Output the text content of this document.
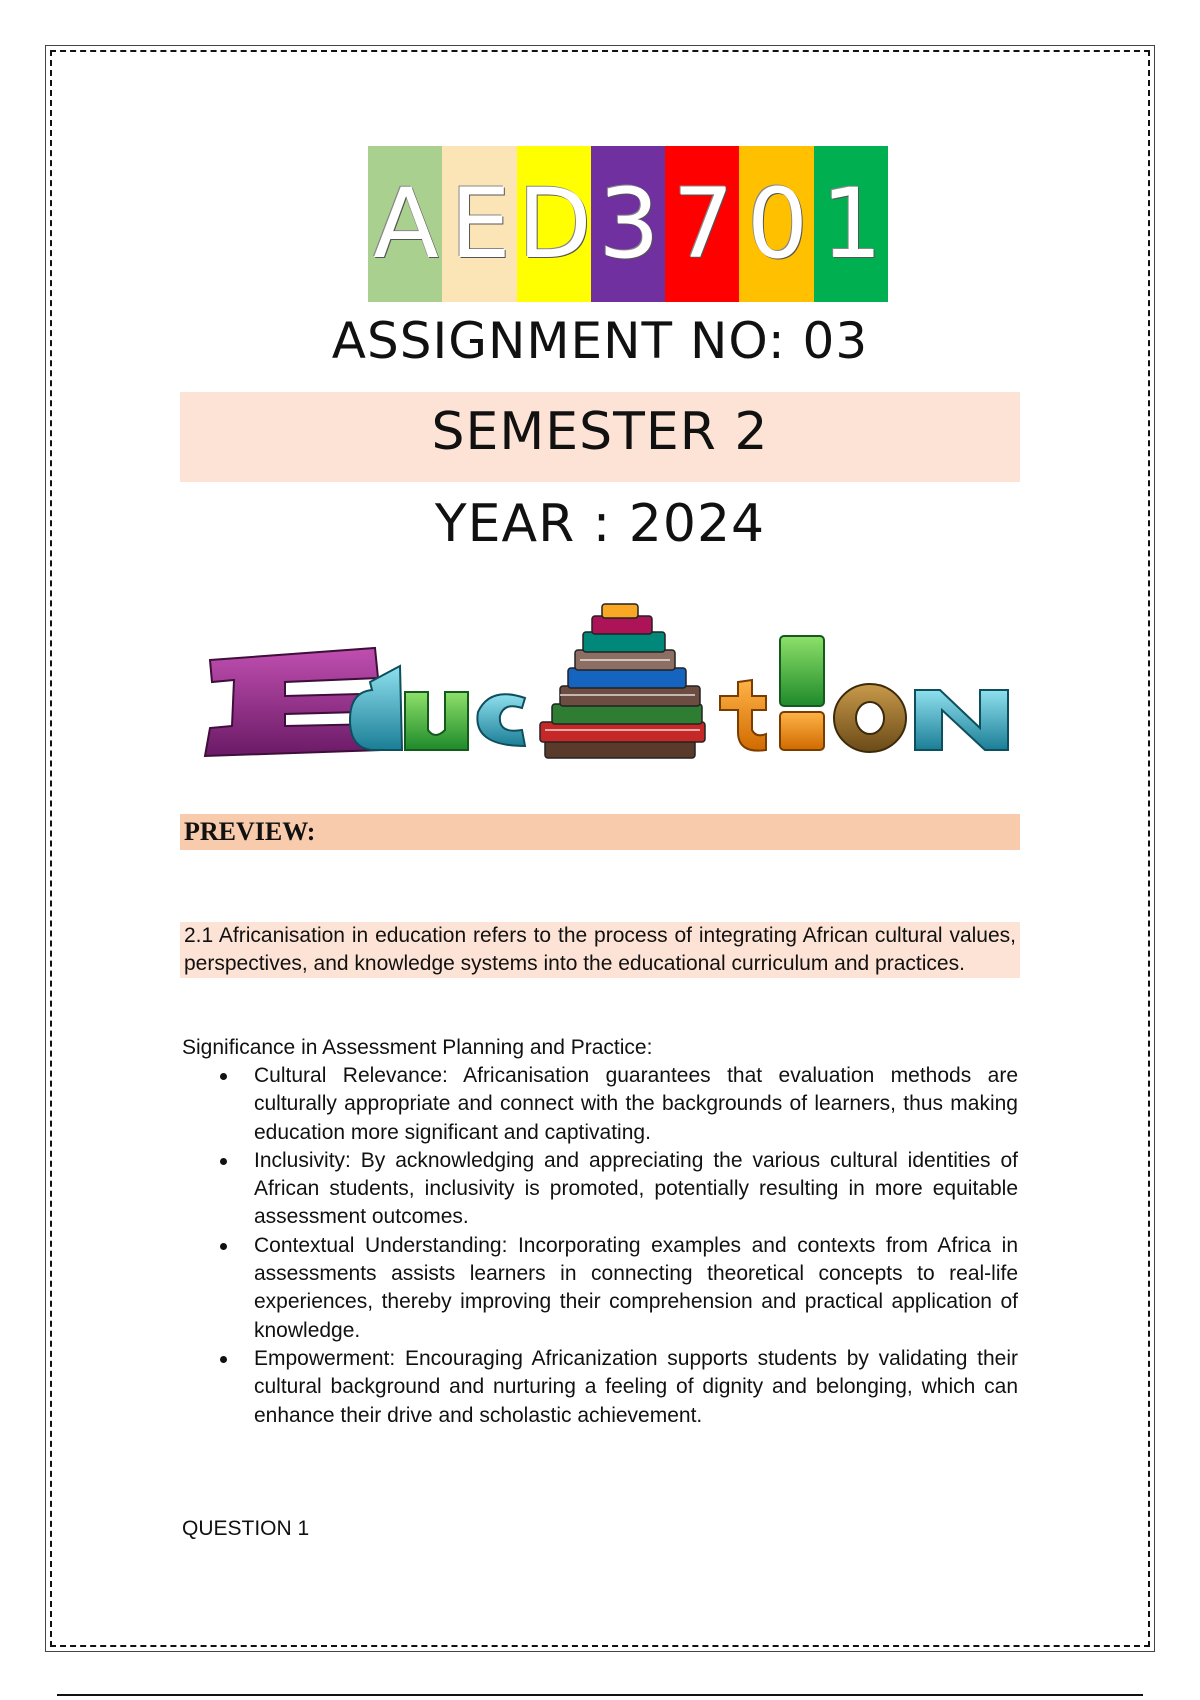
A E D 3 7 0 1
ASSIGNMENT NO: 03
SEMESTER 2
YEAR : 2024
PREVIEW:
2.1 Africanisation in education refers to the process of integrating African cultural values, perspectives, and knowledge systems into the educational curriculum and practices.
Significance in Assessment Planning and Practice:
Cultural Relevance: Africanisation guarantees that evaluation methods are culturally appropriate and connect with the backgrounds of learners, thus making education more significant and captivating.
Inclusivity: By acknowledging and appreciating the various cultural identities of African students, inclusivity is promoted, potentially resulting in more equitable assessment outcomes.
Contextual Understanding: Incorporating examples and contexts from Africa in assessments assists learners in connecting theoretical concepts to real-life experiences, thereby improving their comprehension and practical application of knowledge.
Empowerment: Encouraging Africanization supports students by validating their cultural background and nurturing a feeling of dignity and belonging, which can enhance their drive and scholastic achievement.
QUESTION 1
